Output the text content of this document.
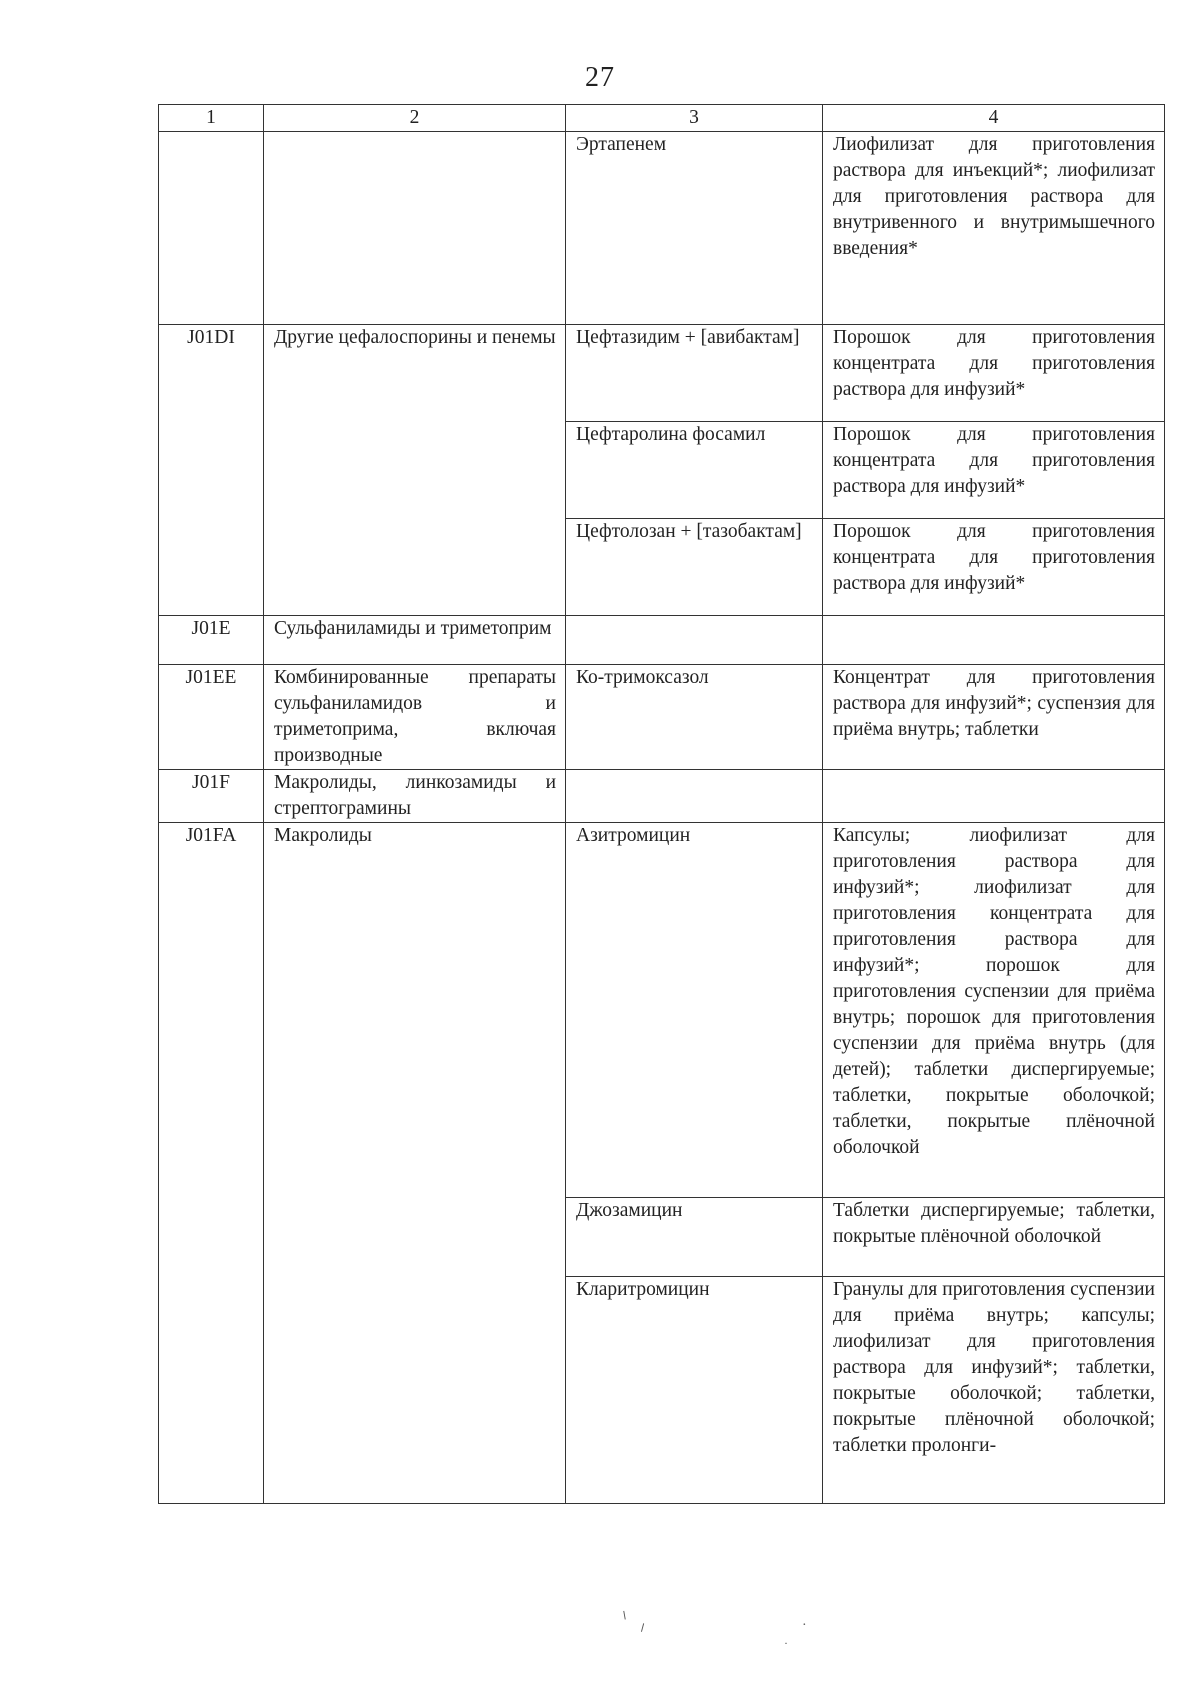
27
1	2	3	4
		Эртапенем	Лиофилизат для приготовления раствора для инъекций*; лиофилизат для приготовления раствора для внутривенного и внутримышечного введения*
J01DI	Другие цефалоспорины и пенемы	Цефтазидим + [авибактам]	Порошок для приготовления концентрата для приготовления раствора для инфузий*
		Цефтаролина фосамил	Порошок для приготовления концентрата для приготовления раствора для инфузий*
		Цефтолозан + [тазобактам]	Порошок для приготовления концентрата для приготовления раствора для инфузий*
J01E	Сульфаниламиды и триметоприм		
J01EE	Комбинированные препараты сульфаниламидов и триметоприма, включая производные	Ко-тримоксазол	Концентрат для приготовления раствора для инфузий*; суспензия для приёма внутрь; таблетки
J01F	Макролиды, линкозамиды и стрептограмины		
J01FA	Макролиды	Азитромицин	Капсулы; лиофилизат для приготовления раствора для инфузий*; лиофилизат для приготовления концентрата для приготовления раствора для инфузий*; порошок для приготовления суспензии для приёма внутрь; порошок для приготовления суспензии для приёма внутрь (для детей); таблетки диспергируемые; таблетки, покрытые оболочкой; таблетки, покрытые плёночной оболочкой
		Джозамицин	Таблетки диспергируемые; таблетки, покрытые плёночной оболочкой
		Кларитромицин	Гранулы для приготовления суспензии для приёма внутрь; капсулы; лиофилизат для приготовления раствора для инфузий*; таблетки, покрытые оболочкой; таблетки, покрытые плёночной оболочкой; таблетки пролонги-
⸌ ⸝	·
·
